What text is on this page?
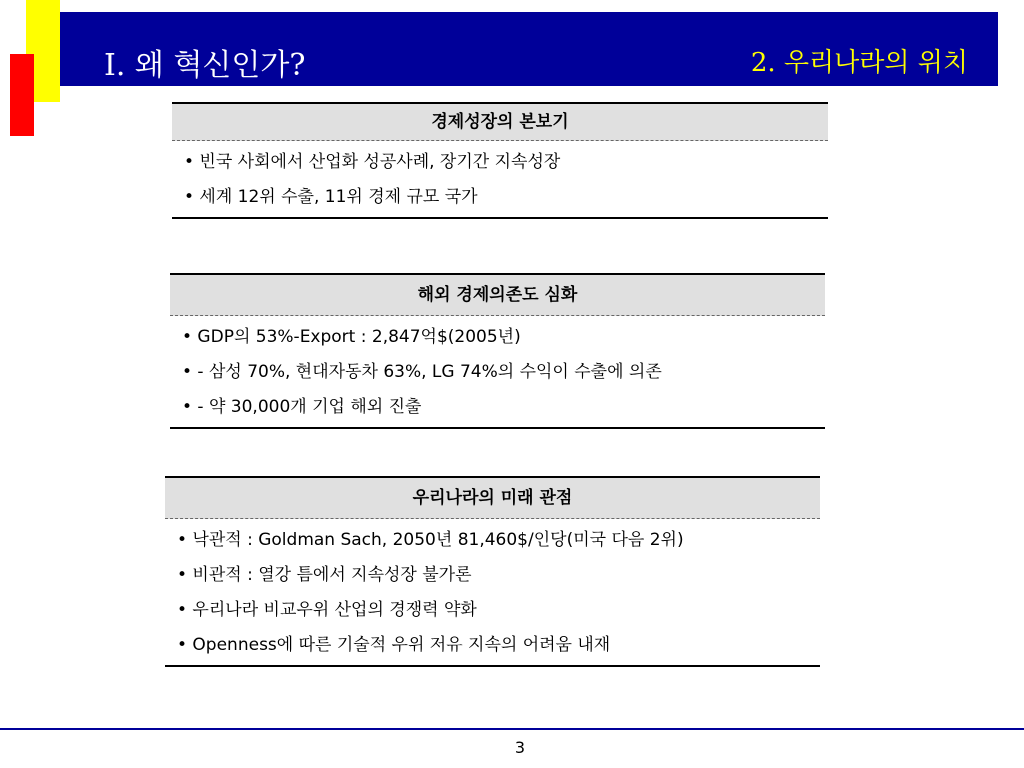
Ⅰ. 왜 혁신인가?	2. 우리나라의 위치
경제성장의 본보기
• 빈국 사회에서 산업화 성공사례, 장기간 지속성장
• 세계 12위 수출, 11위 경제 규모 국가
해외 경제의존도 심화
• GDP의 53%-Export : 2,847억$(2005년)
• - 삼성 70%, 현대자동차 63%, LG 74%의 수익이 수출에 의존
• - 약 30,000개 기업 해외 진출
우리나라의 미래 관점
• 낙관적 : Goldman Sach, 2050년 81,460$/인당(미국 다음 2위)
• 비관적 : 열강 틈에서 지속성장 불가론
• 우리나라 비교우위 산업의 경쟁력 약화
• Openness에 따른 기술적 우위 저유 지속의 어려움 내재
3
